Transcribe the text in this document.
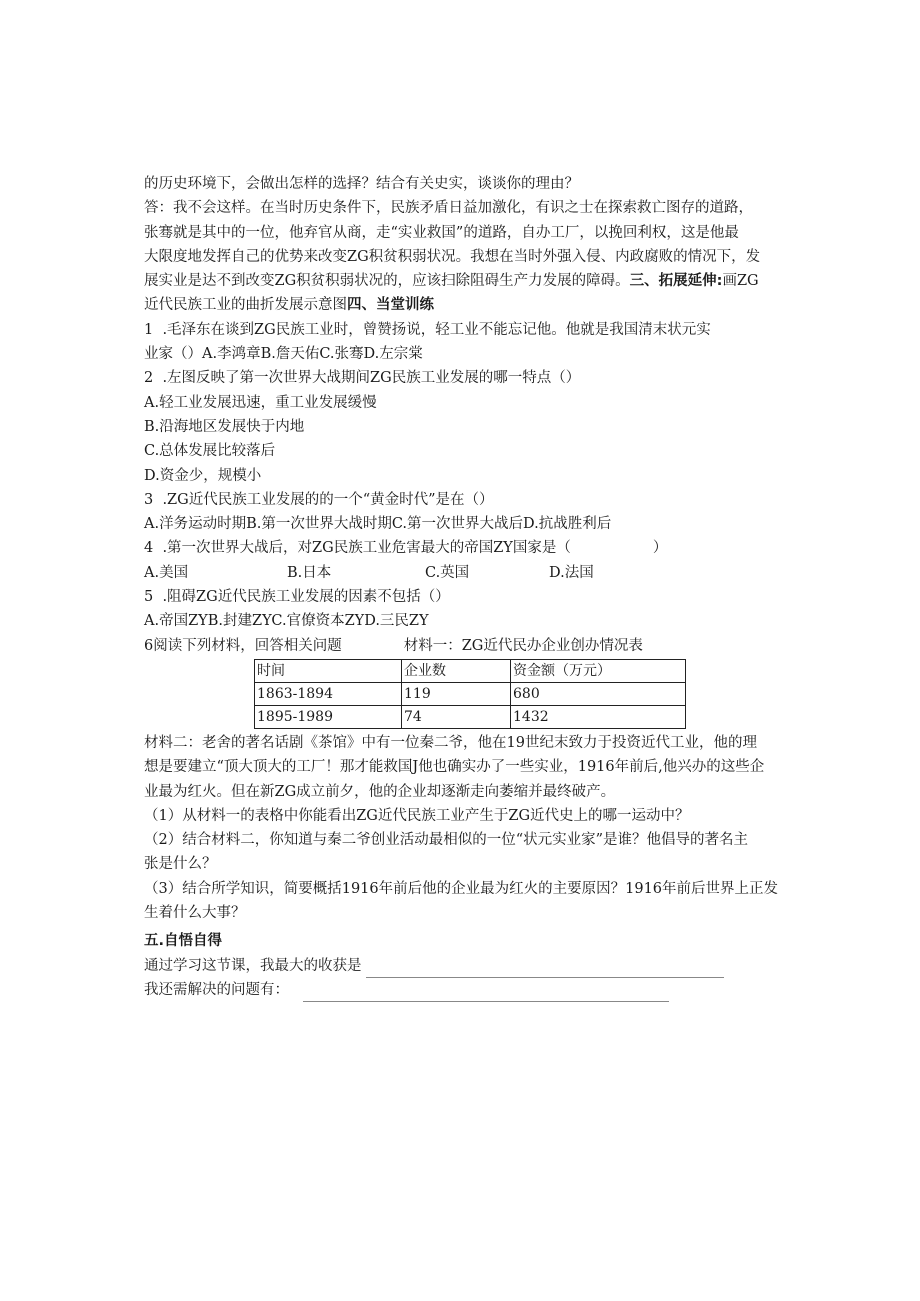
的历史环境下，会做出怎样的选择？结合有关史实，谈谈你的理由？
答：我不会这样。在当时历史条件下，民族矛盾日益加激化，有识之士在探索救亡图存的道路，
张骞就是其中的一位，他弃官从商，走“实业救国”的道路，自办工厂，以挽回利权，这是他最
大限度地发挥自己的优势来改变ZG积贫积弱状况。我想在当时外强入侵、内政腐败的情况下，发
展实业是达不到改变ZG积贫积弱状况的，应该扫除阻碍生产力发展的障碍。三、拓展延伸:画ZG
近代民族工业的曲折发展示意图四、当堂训练
1  .毛泽东在谈到ZG民族工业时，曾赞扬说，轻工业不能忘记他。他就是我国清末状元实
业家（）A.李鸿章B.詹天佑C.张骞D.左宗棠
2  .左图反映了第一次世界大战期间ZG民族工业发展的哪一特点（）
A.轻工业发展迅速，重工业发展缓慢
B.沿海地区发展快于内地
C.总体发展比较落后
D.资金少，规模小
3  .ZG近代民族工业发展的的一个“黄金时代”是在（）
A.洋务运动时期B.第一次世界大战时期C.第一次世界大战后D.抗战胜利后
4  .第一次世界大战后，对ZG民族工业危害最大的帝国ZY国家是（	）
A.美国	B.日本	C.英国	D.法国
5  .阻碍ZG近代民族工业发展的因素不包括（）
A.帝国ZYB.封建ZYC.官僚资本ZYD.三民ZY
6阅读下列材料，回答相关问题	材料一：ZG近代民办企业创办情况表
时间	企业数	资金额（万元）
1863-1894	119	680
1895-1989	74	1432
材料二：老舍的著名话剧《茶馆》中有一位秦二爷，他在19世纪末致力于投资近代工业，他的理
想是要建立“顶大顶大的工厂！那才能救国J他也确实办了一些实业，1916年前后,他兴办的这些企
业最为红火。但在新ZG成立前夕，他的企业却逐渐走向萎缩并最终破产。
（1）从材料一的表格中你能看出ZG近代民族工业产生于ZG近代史上的哪一运动中？
（2）结合材料二，你知道与秦二爷创业活动最相似的一位“状元实业家”是谁？他倡导的著名主
张是什么？
（3）结合所学知识，简要概括1916年前后他的企业最为红火的主要原因？1916年前后世界上正发
生着什么大事？
五.自悟自得
通过学习这节课，我最大的收获是
我还需解决的问题有：
